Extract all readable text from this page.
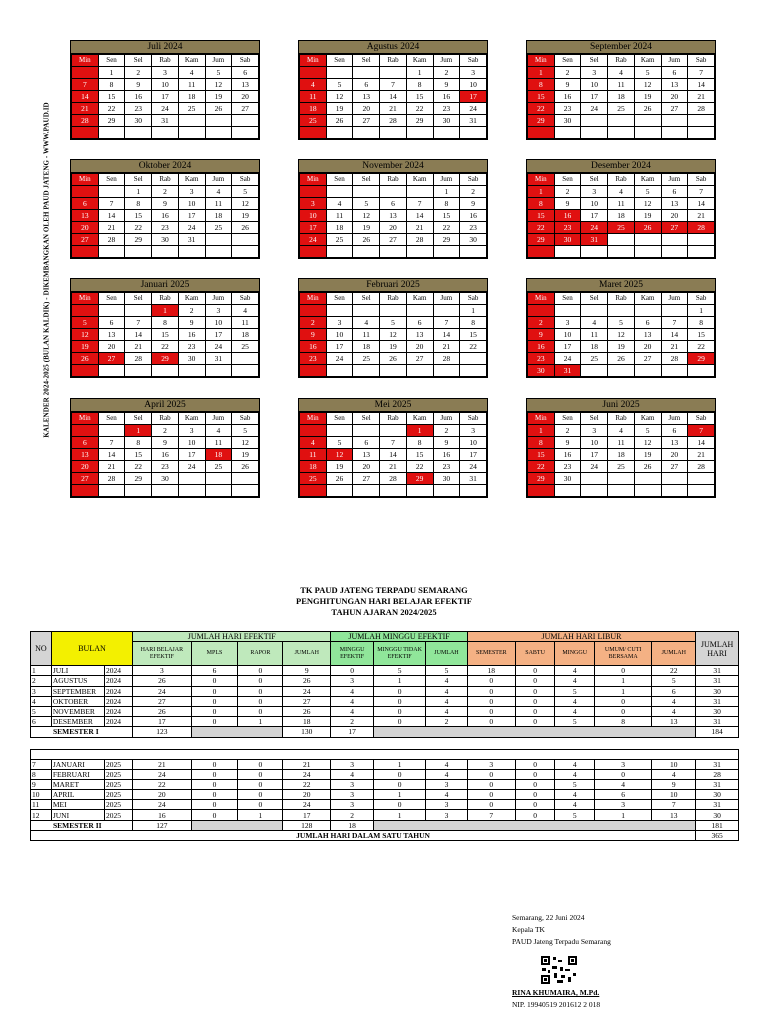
KALENDER 2024-2025 (BULAN KALDIK) - DIKEMBANGKAN OLEH PAUD JATENG - WWW.PAUD.ID
Juli 2024
Min	Sen	Sel	Rab	Kam	Jum	Sab
	1	2	3	4	5	6
7	8	9	10	11	12	13
14	15	16	17	18	19	20
21	22	23	24	25	26	27
28	29	30	31			

Agustus 2024
Min	Sen	Sel	Rab	Kam	Jum	Sab
				1	2	3
4	5	6	7	8	9	10
11	12	13	14	15	16	17
18	19	20	21	22	23	24
25	26	27	28	29	30	31

September 2024
Min	Sen	Sel	Rab	Kam	Jum	Sab
1	2	3	4	5	6	7
8	9	10	11	12	13	14
15	16	17	18	19	20	21
22	23	24	25	26	27	28
29	30					

Oktober 2024
Min	Sen	Sel	Rab	Kam	Jum	Sab
		1	2	3	4	5
6	7	8	9	10	11	12
13	14	15	16	17	18	19
20	21	22	23	24	25	26
27	28	29	30	31		

November 2024
Min	Sen	Sel	Rab	Kam	Jum	Sab
					1	2
3	4	5	6	7	8	9
10	11	12	13	14	15	16
17	18	19	20	21	22	23
24	25	26	27	28	29	30

Desember 2024
Min	Sen	Sel	Rab	Kam	Jum	Sab
1	2	3	4	5	6	7
8	9	10	11	12	13	14
15	16	17	18	19	20	21
22	23	24	25	26	27	28
29	30	31				

Januari 2025
Min	Sen	Sel	Rab	Kam	Jum	Sab
			1	2	3	4
5	6	7	8	9	10	11
12	13	14	15	16	17	18
19	20	21	22	23	24	25
26	27	28	29	30	31	

Februari 2025
Min	Sen	Sel	Rab	Kam	Jum	Sab
						1
2	3	4	5	6	7	8
9	10	11	12	13	14	15
16	17	18	19	20	21	22
23	24	25	26	27	28	

Maret 2025
Min	Sen	Sel	Rab	Kam	Jum	Sab
						1
2	3	4	5	6	7	8
9	10	11	12	13	14	15
16	17	18	19	20	21	22
23	24	25	26	27	28	29
30	31					
April 2025
Min	Sen	Sel	Rab	Kam	Jum	Sab
		1	2	3	4	5
6	7	8	9	10	11	12
13	14	15	16	17	18	19
20	21	22	23	24	25	26
27	28	29	30			

Mei 2025
Min	Sen	Sel	Rab	Kam	Jum	Sab
				1	2	3
4	5	6	7	8	9	10
11	12	13	14	15	16	17
18	19	20	21	22	23	24
25	26	27	28	29	30	31

Juni 2025
Min	Sen	Sel	Rab	Kam	Jum	Sab
1	2	3	4	5	6	7
8	9	10	11	12	13	14
15	16	17	18	19	20	21
22	23	24	25	26	27	28
29	30					

TK PAUD JATENG TERPADU SEMARANG
PENGHITUNGAN HARI BELAJAR EFEKTIF
TAHUN AJARAN 2024/2025
NO	BULAN		JUMLAH HARI EFEKTIF				JUMLAH MINGGU EFEKTIF			JUMLAH HARI LIBUR					JUMLAH HARI
			HARI BELAJAR EFEKTIF	MPLS	RAPOR	JUMLAH	MINGGU EFEKTIF	MINGGU TIDAK EFEKTIF	JUMLAH	SEMESTER	SABTU	MINGGU	UMUM/ CUTI BERSAMA	JUMLAH	

1	JULI	2024	3	6	0	9	0	5	5	18	0	4	0	22	31
2	AGUSTUS	2024	26	0	0	26	3	1	4	0	0	4	1	5	31
3	SEPTEMBER	2024	24	0	0	24	4	0	4	0	0	5	1	6	30
4	OKTOBER	2024	27	0	0	27	4	0	4	0	0	4	0	4	31
5	NOVEMBER	2024	26	0	0	26	4	0	4	0	0	4	0	4	30
6	DESEMBER	2024	17	0	1	18	2	0	2	0	0	5	8	13	31
SEMESTER I			123			130	17								184

7	JANUARI	2025	21	0	0	21	3	1	4	3	0	4	3	10	31
8	FEBRUARI	2025	24	0	0	24	4	0	4	0	0	4	0	4	28
9	MARET	2025	22	0	0	22	3	0	3	0	0	5	4	9	31
10	APRIL	2025	20	0	0	20	3	1	4	0	0	4	6	10	30
11	MEI	2025	24	0	0	24	3	0	3	0	0	4	3	7	31
12	JUNI	2025	16	0	1	17	2	1	3	7	0	5	1	13	30
SEMESTER II			127			128	18								181
JUMLAH HARI DALAM SATU TAHUN															365
Semarang, 22 Juni 2024
Kepala TK
PAUD Jateng Terpadu Semarang
RINA KHUMAIRA, M.Pd.
NIP. 19940519 201612 2 018
